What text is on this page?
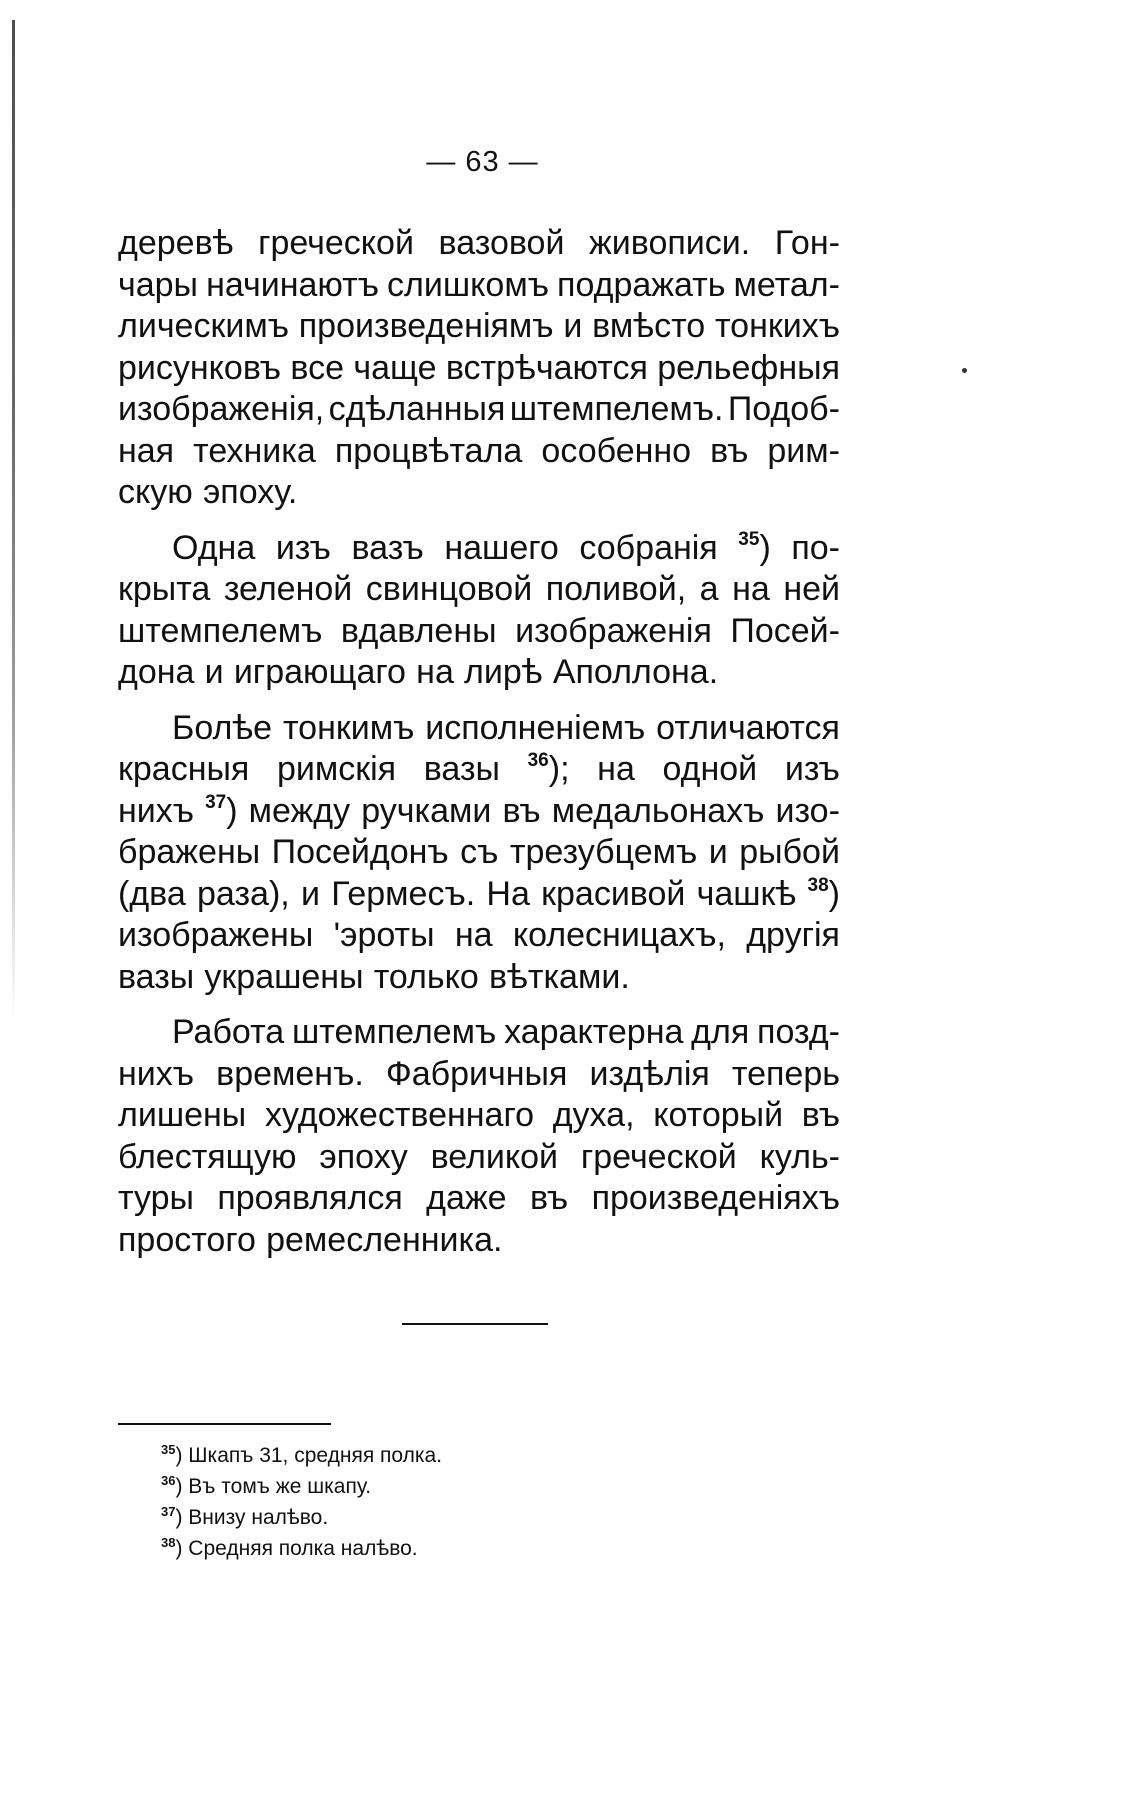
— 63 —
деревѣ греческой вазовой живописи. Гон-
чары начинаютъ слишкомъ подражать метал-
лическимъ произведеніямъ и вмѣсто тонкихъ
рисунковъ все чаще встрѣчаются рельефныя
изображенія, сдѣланныя штемпелемъ. Подоб-
ная техника процвѣтала особенно въ рим-
скую эпоху.
Одна изъ вазъ нашего собранія $^{35}$) по-
крыта зеленой свинцовой поливой, а на ней
штемпелемъ вдавлены изображенія Посей-
дона и играющаго на лирѣ Аполлона.
Болѣе тонкимъ исполненіемъ отличаются
красныя римскія вазы $^{36}$); на одной изъ
нихъ $^{37}$) между ручками въ медальонахъ изо-
бражены Посейдонъ съ трезубцемъ и рыбой
(два раза), и Гермесъ. На красивой чашкѣ $^{38}$)
изображены ʹэроты на колесницахъ, другія
вазы украшены только вѣтками.
Работа штемпелемъ характерна для позд-
нихъ временъ. Фабричныя издѣлія теперь
лишены художественнаго духа, который въ
блестящую эпоху великой греческой куль-
туры проявлялся даже въ произведеніяхъ
простого ремесленника.
$^{35}$) Шкапъ 31, средняя полка.
$^{36}$) Въ томъ же шкапу.
$^{37}$) Внизу налѣво.
$^{38}$) Средняя полка налѣво.
